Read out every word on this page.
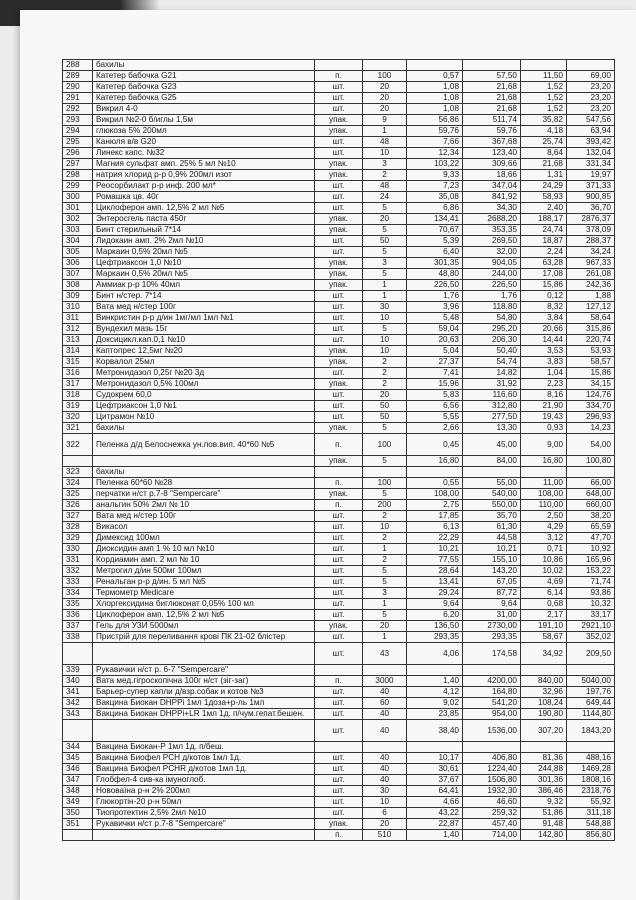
288	бахилы						
289	Катетер бабочка G21	п.	100	0,57	57,50	11,50	69,00
290	Катетер бабочка G23	шт.	20	1,08	21,68	1,52	23,20
291	Катетер бабочка G25	шт.	20	1,08	21,68	1,52	23,20
292	Викрил 4-0	шт.	20	1,08	21,68	1,52	23,20
293	Викрил №2-0 б/иглы 1,5м	упак.	9	56,86	511,74	35,82	547,56
294	глюкоза 5% 200мл	упак.	1	59,76	59,76	4,18	63,94
295	Канюля в/в G20	шт.	48	7,66	367,68	25,74	393,42
296	Линекс капс. №32	шт.	10	12,34	123,40	8,64	132,04
297	Магния сульфат амп. 25% 5 мл №10	упак.	3	103,22	309,66	21,68	331,34
298	натрия хлорид р-р 0,9% 200мл изот	упак.	2	9,33	18,66	1,31	19,97
299	Реосорбилакт р-р инф. 200 мл*	шт.	48	7,23	347,04	24,29	371,33
300	Ромашка цв. 40г	шт.	24	35,08	841,92	58,93	900,85
301	Циклоферон амп. 12,5% 2 мл №5	шт.	5	6,86	34,30	2,40	36,70
302	Энтеросгель паста 450г	упак.	20	134,41	2688,20	188,17	2876,37
303	Бинт стерильный 7*14	упак.	5	70,67	353,35	24,74	378,09
304	Лидокаин амп. 2% 2мл №10	шт.	50	5,39	269,50	18,87	288,37
305	Маркаин 0,5% 20мл №5	шт.	5	6,40	32,00	2,24	34,24
306	Цефтриаксон 1,0 №10	упак.	3	301,35	904,05	63,28	967,33
307	Маркаин 0,5% 20мл №5	упак.	5	48,80	244,00	17,08	261,08
308	Аммиак р-р 10% 40мл	упак.	1	226,50	226,50	15,86	242,36
309	Бинт н/стер. 7*14	шт.	1	1,76	1,76	0,12	1,88
310	Вата мед н/стер 100г	шт.	30	3,96	118,80	8,32	127,12
311	Винкристин р-р д/ин 1мг/мл 1мл №1	шт.	10	5,48	54,80	3,84	58,64
312	Вундехил мазь 15г	шт.	5	59,04	295,20	20,66	315,86
313	Доксицикл.кап.0,1 №10	шт.	10	20,63	206,30	14,44	220,74
314	Каптопрес 12,5мг №20	упак.	10	5,04	50,40	3,53	53,93
315	Корвалол 25мл	упак.	2	27,37	54,74	3,83	58,57
316	Метронидазол 0,25г №20 3д	шт.	2	7,41	14,82	1,04	15,86
317	Метронидазол 0,5% 100мл	упак.	2	15,96	31,92	2,23	34,15
318	Судокрем 60,0	шт.	20	5,83	116,60	8,16	124,76
319	Цефтриаксон 1,0 №1	шт.	50	6,56	312,80	21,90	334,70
320	Цитрамон №10	шт.	50	5,55	277,50	19,43	296,93
321	бахилы	упак.	5	2,66	13,30	0,93	14,23
322	Пеленка д/д Белоснежка ун.пов.вип. 40*60 №5	п.	100	0,45	45,00	9,00	54,00
		упак.	5	16,80	84,00	16,80	100,80
323	бахилы						
324	Пеленка 60*60 №28	п.	100	0,55	55,00	11,00	66,00
325	перчатки н/ст р.7-8 "Sempercare"	упак.	5	108,00	540,00	108,00	648,00
326	анальгин 50% 2мл № 10	п.	200	2,75	550,00	110,00	660,00
327	Вата мед н/стер 100г	шт.	2	17,85	35,70	2,50	38,20
328	Викасол	шт.	10	6,13	61,30	4,29	65,59
329	Димексид 100мл	шт.	2	22,29	44,58	3,12	47,70
330	Диоксидин амп 1 % 10 мл №10	шт.	1	10,21	10,21	0,71	10,92
331	Кордиамин амп. 2 мл № 10	шт.	2	77,55	155,10	10,86	165,96
332	Метрогил д/ин 500мг 100мл	шт.	5	28,64	143,20	10,02	153,22
333	Ренальган р-р д/ин. 5 мл №5	шт.	5	13,41	67,05	4,69	71,74
334	Термометр Medicare	шт.	3	29,24	87,72	6,14	93,86
335	Хлоргексидина биглюконат 0,05% 100 мл	шт.	1	9,64	9,64	0,68	10,32
336	Циклоферон амп. 12,5% 2 мл №5	шт.	5	6,20	31,00	2,17	33,17
337	Гель для УЗИ 5000мл	упак.	20	136,50	2730,00	191,10	2921,10
338	Пристрій для переливання крові ПК 21-02 блістер	шт.	1	293,35	293,35	58,67	352,02
		шт.	43	4,06	174,58	34,92	209,50
339	Рукавички н/ст р. 6-7 "Sempercare"						
340	Вата мед.гігроскопічна 100г н/ст (зіг-заг)	п.	3000	1,40	4200,00	840,00	5040,00
341	Барьер-супер капли д/взр.собак и котов №3	шт.	40	4,12	164,80	32,96	197,76
342	Вакцина Биокан DHPPi 1мл 1доза+р-ль 1мл	шт.	60	9,02	541,20	108,24	649,44
343	Вакцина Биокан DHPPi+LR 1мл 1д. п/чум.гепат.бешен.	шт.	40	23,85	954,00	190,80	1144,80
		шт.	40	38,40	1536,00	307,20	1843,20
344	Вакцина Биокан-Р 1мл 1д. п/беш.						
345	Вакцина Биофел PCH д/котов 1мл 1д.	шт.	40	10,17	406,80	81,36	488,16
346	Вакцина Биофел PCHR д/котов 1мл 1д.	шт.	40	30,61	1224,40	244,88	1469,28
347	Глобфел-4 сив-ка імуноглоб.	шт.	40	37,67	1506,80	301,36	1808,16
348	Нововаїна р-н 2% 200мл	шт.	30	64,41	1932,30	386,46	2318,76
349	Глюкортін-20 р-н 50мл	шт.	10	4,66	46,60	9,32	55,92
350	Тиопротектин 2,5% 2мл №10	шт.	6	43,22	259,32	51,86	311,18
351	Рукавички н/ст р.7-8 "Sempercare"	упак.	20	22,87	457,40	91,48	548,88
		п.	510	1,40	714,00	142,80	856,80
